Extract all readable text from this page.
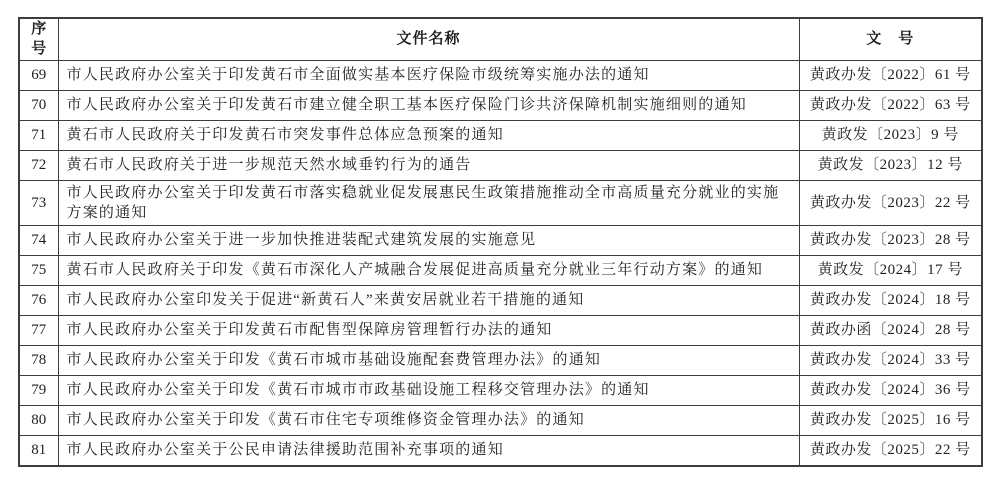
序号	文件名称	文　号
69	市人民政府办公室关于印发黄石市全面做实基本医疗保险市级统筹实施办法的通知	黄政办发〔2022〕61 号
70	市人民政府办公室关于印发黄石市建立健全职工基本医疗保险门诊共济保障机制实施细则的通知	黄政办发〔2022〕63 号
71	黄石市人民政府关于印发黄石市突发事件总体应急预案的通知	黄政发〔2023〕9 号
72	黄石市人民政府关于进一步规范天然水域垂钓行为的通告	黄政发〔2023〕12 号
73	市人民政府办公室关于印发黄石市落实稳就业促发展惠民生政策措施推动全市高质量充分就业的实施方案的通知	黄政办发〔2023〕22 号
74	市人民政府办公室关于进一步加快推进装配式建筑发展的实施意见	黄政办发〔2023〕28 号
75	黄石市人民政府关于印发《黄石市深化人产城融合发展促进高质量充分就业三年行动方案》的通知	黄政发〔2024〕17 号
76	市人民政府办公室印发关于促进“新黄石人”来黄安居就业若干措施的通知	黄政办发〔2024〕18 号
77	市人民政府办公室关于印发黄石市配售型保障房管理暂行办法的通知	黄政办函〔2024〕28 号
78	市人民政府办公室关于印发《黄石市城市基础设施配套费管理办法》的通知	黄政办发〔2024〕33 号
79	市人民政府办公室关于印发《黄石市城市市政基础设施工程移交管理办法》的通知	黄政办发〔2024〕36 号
80	市人民政府办公室关于印发《黄石市住宅专项维修资金管理办法》的通知	黄政办发〔2025〕16 号
81	市人民政府办公室关于公民申请法律援助范围补充事项的通知	黄政办发〔2025〕22 号
